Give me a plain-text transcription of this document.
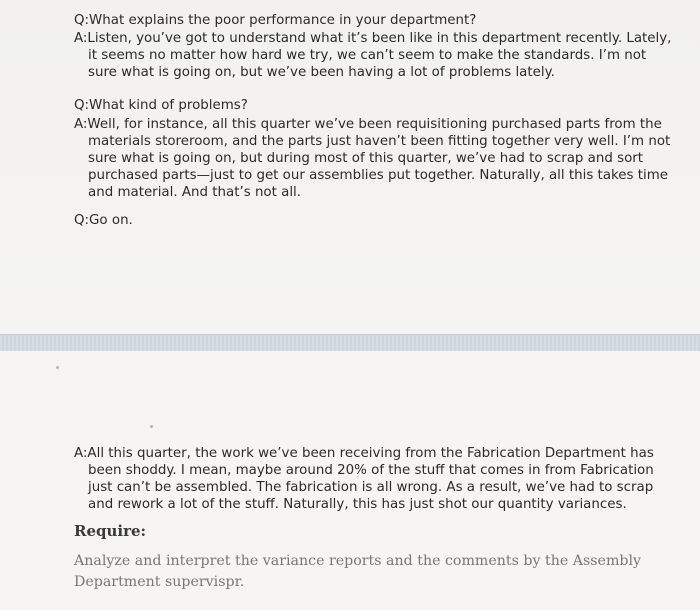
Q:What explains the poor performance in your department?

A:Listen, you’ve got to understand what it’s been like in this department recently. Lately, it seems no matter how hard we try, we can’t seem to make the standards. I’m not sure what is going on, but we’ve been having a lot of problems lately.

Q:What kind of problems?

A:Well, for instance, all this quarter we’ve been requisitioning purchased parts from the materials storeroom, and the parts just haven’t been fitting together very well. I’m not sure what is going on, but during most of this quarter, we’ve had to scrap and sort purchased parts—just to get our assemblies put together. Naturally, all this takes time and material. And that’s not all.

Q:Go on.

A:All this quarter, the work we’ve been receiving from the Fabrication Department has been shoddy. I mean, maybe around 20% of the stuff that comes in from Fabrication just can’t be assembled. The fabrication is all wrong. As a result, we’ve had to scrap and rework a lot of the stuff. Naturally, this has just shot our quantity variances.

Require:

Analyze and interpret the variance reports and the comments by the Assembly Department supervispr.
